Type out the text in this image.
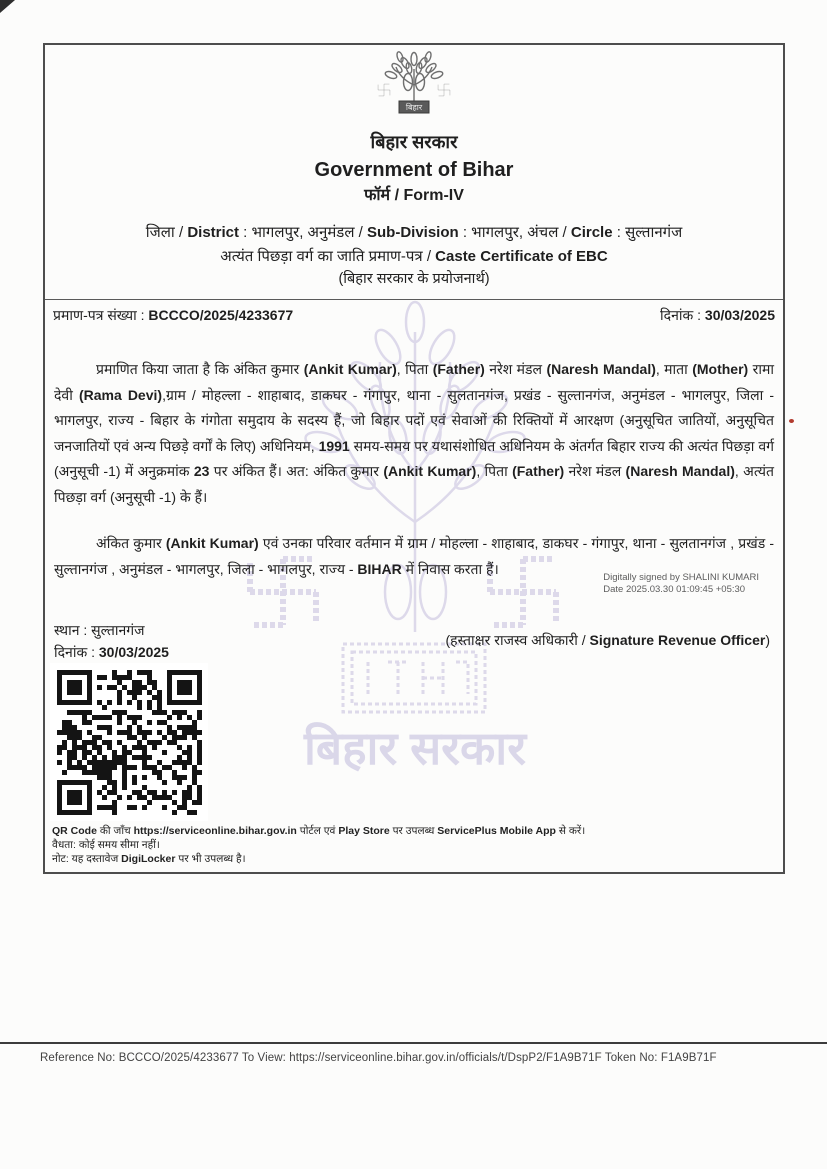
बिहार सरकार
बिहार
बिहार सरकार
Government of Bihar
फॉर्म / Form-IV
जिला / District : भागलपुर, अनुमंडल / Sub-Division : भागलपुर, अंचल / Circle : सुल्तानगंज
अत्यंत पिछड़ा वर्ग का जाति प्रमाण-पत्र / Caste Certificate of EBC
(बिहार सरकार के प्रयोजनार्थ)
प्रमाण-पत्र संख्या : BCCCO/2025/4233677	दिनांक : 30/03/2025

प्रमाणित किया जाता है कि अंकित कुमार (Ankit Kumar), पिता (Father) नरेश मंडल (Naresh Mandal), माता (Mother) रामा देवी (Rama Devi),ग्राम / मोहल्ला - शाहाबाद, डाकघर - गंगापुर, थाना - सुलतानगंज, प्रखंड - सुल्तानगंज, अनुमंडल - भागलपुर, जिला - भागलपुर, राज्य - बिहार के गंगोता समुदाय के सदस्य हैं, जो बिहार पदों एवं सेवाओं की रिक्तियों में आरक्षण (अनुसूचित जातियों, अनुसूचित जनजातियों एवं अन्य पिछड़े वर्गों के लिए) अधिनियम, 1991 समय-समय पर यथासंशोधित अधिनियम के अंतर्गत बिहार राज्य की अत्यंत पिछड़ा वर्ग (अनुसूची -1) में अनुक्रमांक 23 पर अंकित हैं। अत: अंकित कुमार (Ankit Kumar), पिता (Father) नरेश मंडल (Naresh Mandal), अत्यंत पिछड़ा वर्ग (अनुसूची -1) के हैं।

अंकित कुमार (Ankit Kumar) एवं उनका परिवार वर्तमान में ग्राम / मोहल्ला - शाहाबाद, डाकघर - गंगापुर, थाना - सुलतानगंज , प्रखंड - सुल्तानगंज , अनुमंडल - भागलपुर, जिला - भागलपुर, राज्य - BIHAR में निवास करता हैं।

Digitally signed by SHALINI KUMARI
Date 2025.03.30 01:09:45 +05:30
स्थान : सुल्तानगंज
(हस्ताक्षर राजस्व अधिकारी / Signature Revenue Officer)
दिनांक : 30/03/2025
QR Code की जाँच https://serviceonline.bihar.gov.in पोर्टल एवं Play Store पर उपलब्ध ServicePlus Mobile App से करें।
वैधता: कोई समय सीमा नहीं।
नोट: यह दस्तावेज DigiLocker पर भी उपलब्ध है।
Reference No: BCCCO/2025/4233677 To View: https://serviceonline.bihar.gov.in/officials/t/DspP2/F1A9B71F Token No: F1A9B71F
